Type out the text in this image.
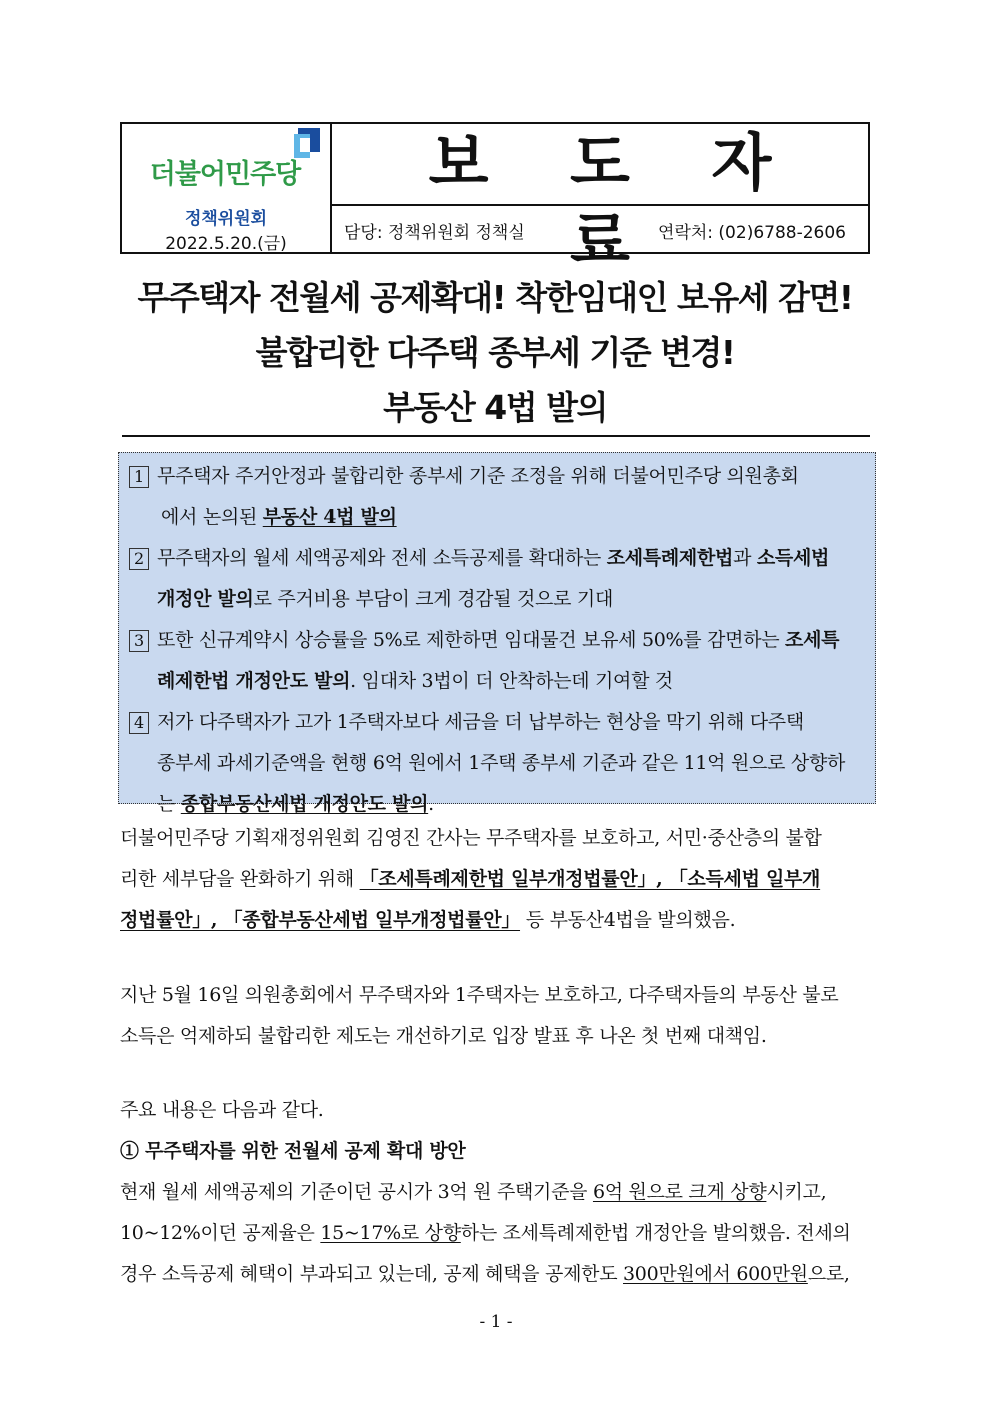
더불어민주당
정책위원회
2022.5.20.(금)
보 도 자 료
담당: 정책위원회 정책실	연락처: (02)6788-2606
무주택자 전월세 공제확대! 착한임대인 보유세 감면!
불합리한 다주택 종부세 기준 변경!
부동산 4법 발의
1 무주택자 주거안정과 불합리한 종부세 기준 조정을 위해 더불어민주당 의원총회
에서 논의된 부동산 4법 발의
2 무주택자의 월세 세액공제와 전세 소득공제를 확대하는 조세특례제한법과 소득세법
개정안 발의로 주거비용 부담이 크게 경감될 것으로 기대
3 또한 신규계약시 상승률을 5%로 제한하면 임대물건 보유세 50%를 감면하는 조세특
례제한법 개정안도 발의. 임대차 3법이 더 안착하는데 기여할 것
4 저가 다주택자가 고가 1주택자보다 세금을 더 납부하는 현상을 막기 위해 다주택
종부세 과세기준액을 현행 6억 원에서 1주택 종부세 기준과 같은 11억 원으로 상향하
는 종합부동산세법 개정안도 발의.
더불어민주당 기획재정위원회 김영진 간사는 무주택자를 보호하고, 서민·중산층의 불합
리한 세부담을 완화하기 위해 「조세특례제한법 일부개정법률안」, 「소득세법 일부개
정법률안」, 「종합부동산세법 일부개정법률안」 등 부동산4법을 발의했음.
지난 5월 16일 의원총회에서 무주택자와 1주택자는 보호하고, 다주택자들의 부동산 불로
소득은 억제하되 불합리한 제도는 개선하기로 입장 발표 후 나온 첫 번째 대책임.
주요 내용은 다음과 같다.
① 무주택자를 위한 전월세 공제 확대 방안
현재 월세 세액공제의 기준이던 공시가 3억 원 주택기준을 6억 원으로 크게 상향시키고,
10~12%이던 공제율은 15~17%로 상향하는 조세특례제한법 개정안을 발의했음. 전세의
경우 소득공제 혜택이 부과되고 있는데, 공제 혜택을 공제한도 300만원에서 600만원으로,
- 1 -
